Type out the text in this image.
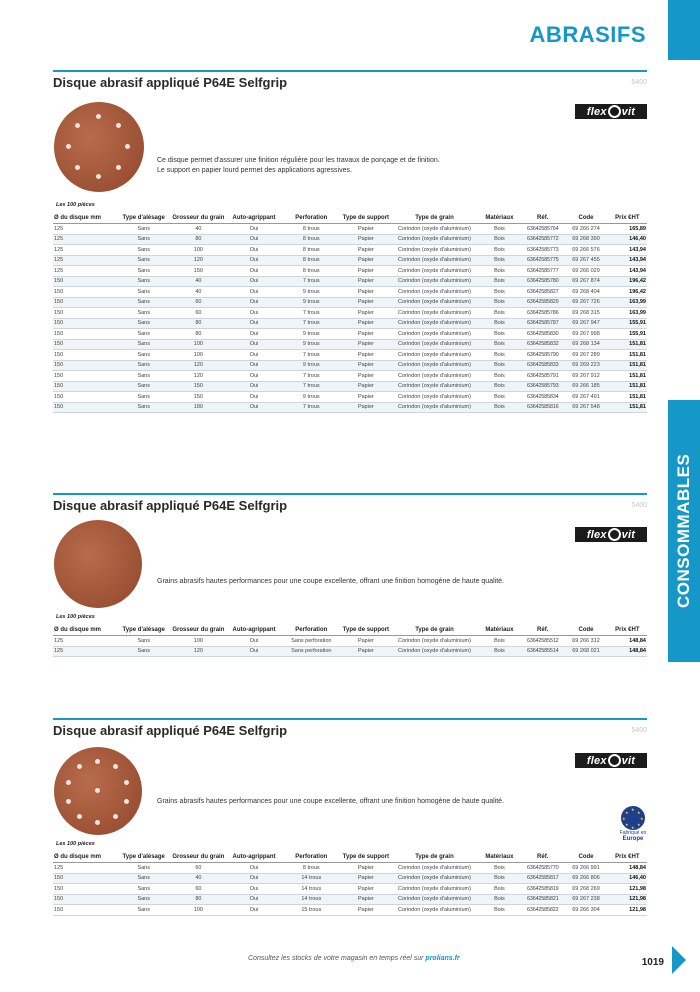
ABRASIFS
CONSOMMABLES
Disque abrasif appliqué P64E Selfgrip	5400
flex vit
Ce disque permet d'assurer une finition régulière pour les travaux de ponçage et de finition.
Le support en papier lourd permet des applications agressives.
Les 100 pièces
Ø du disque mm	Type d'alésage	Grosseur du grain	Auto-agrippant	Perforation	Type de support	Type de grain	Matériaux	Réf.	Code	Prix €HT
125	Sans	40	Oui	8 trous	Papier	Corindon (oxyde d'aluminium)	Bois	63642585764	69 266 274	165,89
125	Sans	80	Oui	8 trous	Papier	Corindon (oxyde d'aluminium)	Bois	63642585772	69 268 390	146,40
125	Sans	100	Oui	8 trous	Papier	Corindon (oxyde d'aluminium)	Bois	63642585773	69 266 576	143,94
125	Sans	120	Oui	8 trous	Papier	Corindon (oxyde d'aluminium)	Bois	63642585775	69 267 455	143,94
125	Sans	150	Oui	8 trous	Papier	Corindon (oxyde d'aluminium)	Bois	63642585777	69 266 029	143,94
150	Sans	40	Oui	7 trous	Papier	Corindon (oxyde d'aluminium)	Bois	63642585780	69 267 874	196,42
150	Sans	40	Oui	9 trous	Papier	Corindon (oxyde d'aluminium)	Bois	63642585827	69 268 404	196,42
150	Sans	60	Oui	9 trous	Papier	Corindon (oxyde d'aluminium)	Bois	63642585829	69 267 726	163,99
150	Sans	60	Oui	7 trous	Papier	Corindon (oxyde d'aluminium)	Bois	63642585786	69 268 315	163,99
150	Sans	80	Oui	7 trous	Papier	Corindon (oxyde d'aluminium)	Bois	63642585787	69 267 947	155,91
150	Sans	80	Oui	9 trous	Papier	Corindon (oxyde d'aluminium)	Bois	63642585830	69 267 998	155,91
150	Sans	100	Oui	9 trous	Papier	Corindon (oxyde d'aluminium)	Bois	63642585832	69 268 134	151,81
150	Sans	100	Oui	7 trous	Papier	Corindon (oxyde d'aluminium)	Bois	63642585790	69 267 289	151,81
150	Sans	120	Oui	9 trous	Papier	Corindon (oxyde d'aluminium)	Bois	63642585833	69 269 223	151,81
150	Sans	120	Oui	7 trous	Papier	Corindon (oxyde d'aluminium)	Bois	63642585791	69 267 912	151,81
150	Sans	150	Oui	7 trous	Papier	Corindon (oxyde d'aluminium)	Bois	63642585793	69 266 185	151,81
150	Sans	150	Oui	9 trous	Papier	Corindon (oxyde d'aluminium)	Bois	63642585834	69 267 491	151,81
150	Sans	180	Oui	7 trous	Papier	Corindon (oxyde d'aluminium)	Bois	63642585816	69 267 548	151,81
Disque abrasif appliqué P64E Selfgrip	5400
flex vit
Grains abrasifs hautes performances pour une coupe excellente, offrant une finition homogène de haute qualité.
Les 100 pièces
Ø du disque mm	Type d'alésage	Grosseur du grain	Auto-agrippant	Perforation	Type de support	Type de grain	Matériaux	Réf.	Code	Prix €HT
125	Sans	100	Oui	Sans perforation	Papier	Corindon (oxyde d'aluminium)	Bois	63642585512	69 266 312	148,84
125	Sans	120	Oui	Sans perforation	Papier	Corindon (oxyde d'aluminium)	Bois	63642585514	69 268 021	148,84
Disque abrasif appliqué P64E Selfgrip	5400
flex vit
Grains abrasifs hautes performances pour une coupe excellente, offrant une finition homogène de haute qualité.
Les 100 pièces
Ø du disque mm	Type d'alésage	Grosseur du grain	Auto-agrippant	Perforation	Type de support	Type de grain	Matériaux	Réf.	Code	Prix €HT
125	Sans	60	Oui	8 trous	Papier	Corindon (oxyde d'aluminium)	Bois	63642585770	69 266 991	148,84
150	Sans	40	Oui	14 trous	Papier	Corindon (oxyde d'aluminium)	Bois	63642585817	69 266 806	146,40
150	Sans	60	Oui	14 trous	Papier	Corindon (oxyde d'aluminium)	Bois	63642585819	69 268 269	121,98
150	Sans	80	Oui	14 trous	Papier	Corindon (oxyde d'aluminium)	Bois	63642585821	69 267 238	121,98
150	Sans	100	Oui	15 trous	Papier	Corindon (oxyde d'aluminium)	Bois	63642585822	69 266 304	121,98
★
★
★
★
★
★
★
★
Fabriqué en
Europe
Consultez les stocks de votre magasin en temps réel sur prolians.fr	1019
